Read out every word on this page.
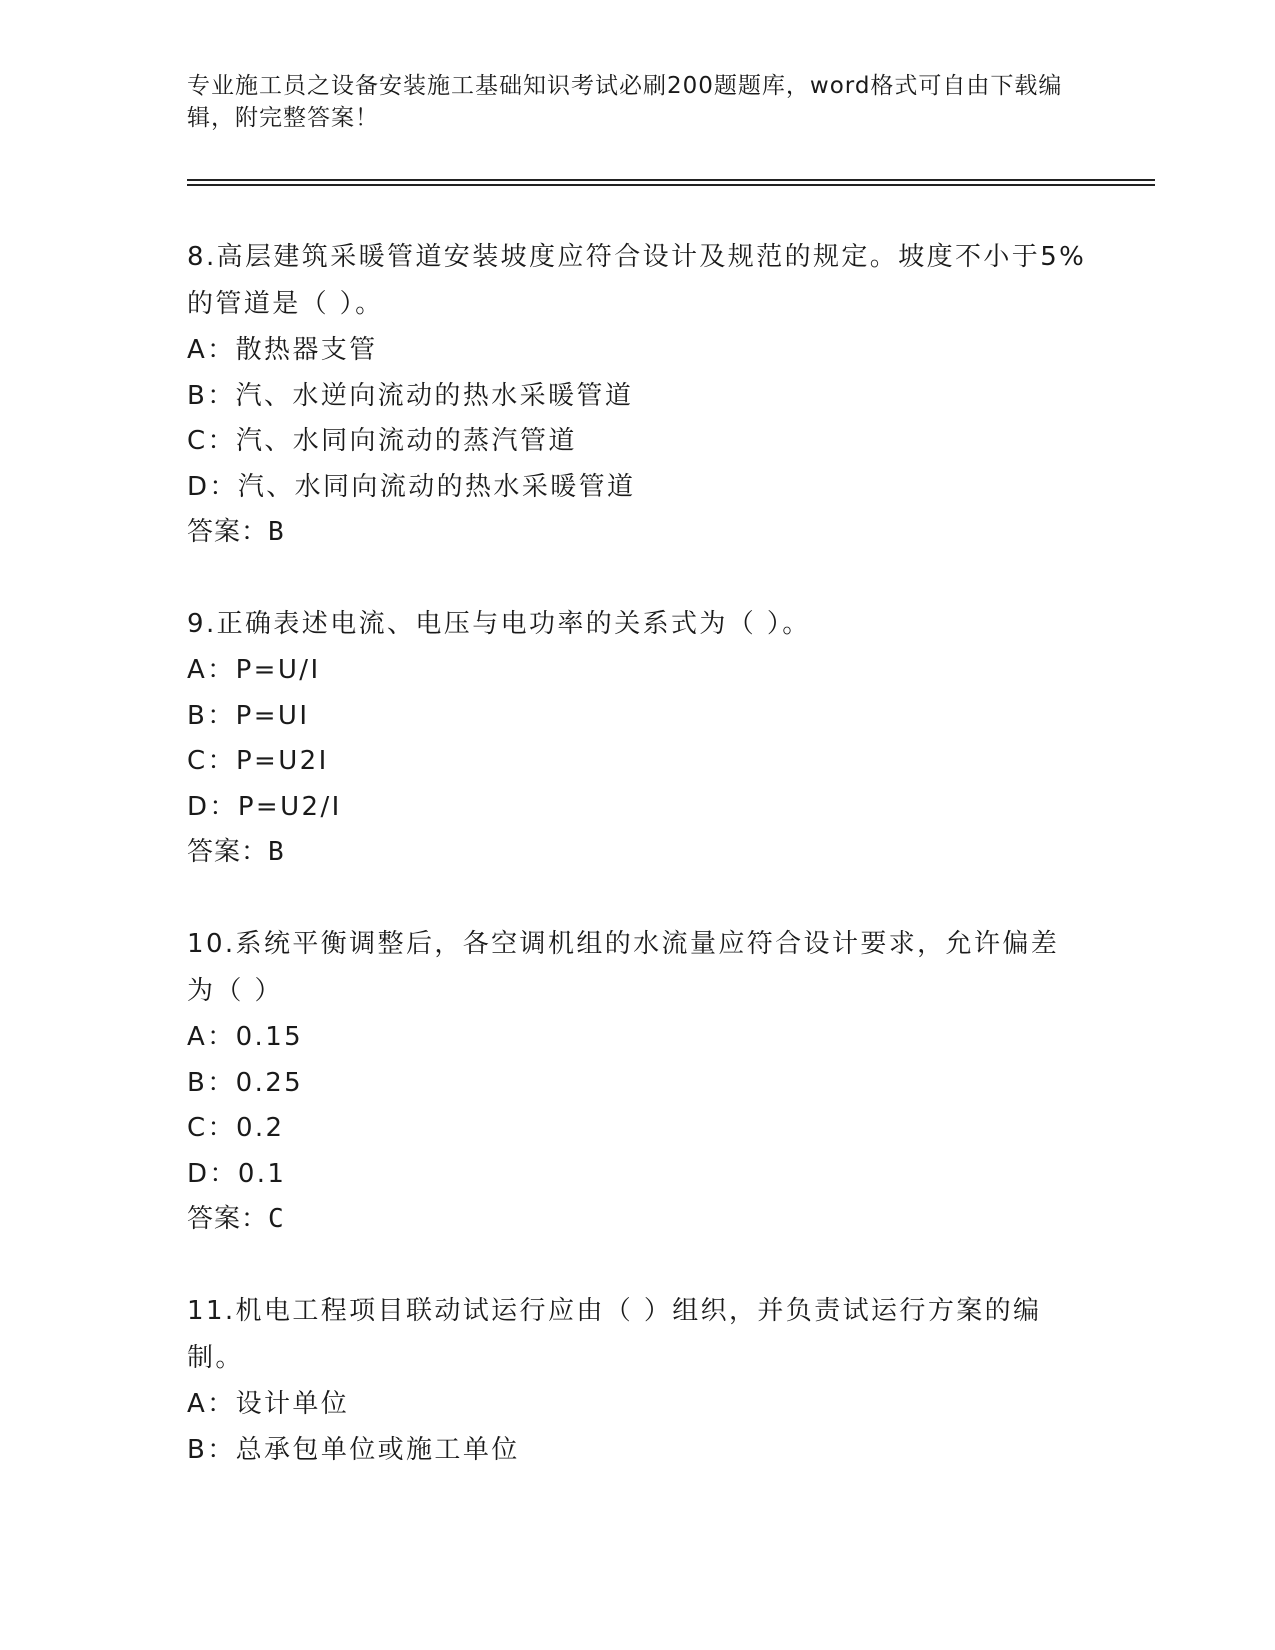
专业施工员之设备安装施工基础知识考试必刷200题题库，word格式可自由下载编辑，附完整答案！
8.高层建筑采暖管道安装坡度应符合设计及规范的规定。坡度不小于5%的管道是（ ）。
A：散热器支管
B：汽、水逆向流动的热水采暖管道
C：汽、水同向流动的蒸汽管道
D：汽、水同向流动的热水采暖管道
答案：B
9.正确表述电流、电压与电功率的关系式为（ ）。
A：P=U/I
B：P=UI
C：P=U2I
D：P=U2/I
答案：B
10.系统平衡调整后，各空调机组的水流量应符合设计要求，允许偏差为（ ）
A：0.15
B：0.25
C：0.2
D：0.1
答案：C
11.机电工程项目联动试运行应由（ ）组织，并负责试运行方案的编制。
A：设计单位
B：总承包单位或施工单位
